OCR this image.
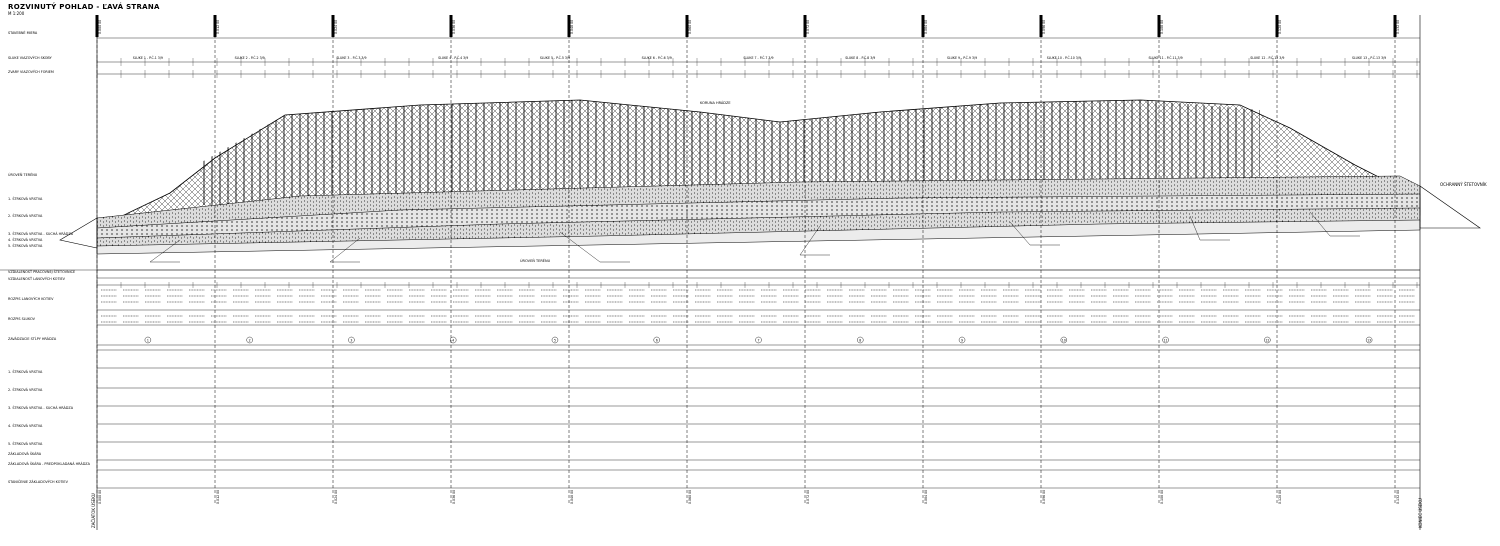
ROZVINUTÝ POHLAD - ĽAVÁ STRANA
M 1:200
SLUKE 1 - P.Č.1 3/9	SLUKE 2 - P.Č.2 3/9	SLUKE 3 - P.Č.3 3/9	SLUKE 4 - P.Č.4 3/9	SLUKE 5 - P.Č.5 3/9	SLUKE 6 - P.Č.6 3/9	SLUKE 7 - P.Č.7 3/9	SLUKE 8 - P.Č.8 3/9	SLUKE 9 - P.Č.9 3/9	SLUKE 10 - P.Č.10 3/9	SLUKE 11 - P.Č.11 3/9	SLUKE 12 - P.Č.12 3/9	SLUKE 13 - P.Č.13 3/9
STAVEBNÉ MIERA
SLUKE VIAZOVÝCH SKOBY
ZVARY VIAZOVÝCH FORIEM
ÚROVEŇ TERÉNU
1. ŠTRKOVÁ VRSTVA
2. ŠTRKOVÁ VRSTVA
3. ŠTRKOVÁ VRSTVA - SUCHÁ HRÁDZA
4. ŠTRKOVÁ VRSTVA
5. ŠTRKOVÁ VRSTVA
VZDIALENOSŤ PRACOVNEJ ŠTETOVNICE
VZDIALENOSŤ LANOVÝCH KOTIEV
ROZPIS LANOVÝCH KOTIEV
ROZPIS SLUKOV
ZAVÁDZACIE STĹPY HRÁDZA
1. ŠTRKOVÁ VRSTVA
2. ŠTRKOVÁ VRSTVA
3. ŠTRKOVÁ VRSTVA - SUCHÁ HRÁDZA
4. ŠTRKOVÁ VRSTVA
5. ŠTRKOVÁ VRSTVA
ZÁKLADOVÁ ŠKÁRA
ZÁKLADOVÁ ŠKÁRA - PREDPOKLADANÁ HRÁDZA
STANIČENIE ZÁKLADOVÝCH KOTIEV
0.000 00
0.000 00
0.012 00
0.012 00
0.024 00
0.024 00
0.036 00
0.036 00
0.048 00
0.048 00
0.060 00
0.060 00
0.072 00
0.072 00
0.084 00
0.084 00
0.096 00
0.096 00
0.108 00
0.108 00
0.120 00
0.120 00
0.132 00
0.132 00
1	2	3	4	5	6	7	8	9	10	11	12	13
ZAČIATOK ÚSEKU	KONIEC ÚSEKU
OCHRANNÝ ŠTETOVNÍK
ÚROVEŇ TERÉNU
KORUNA HRÁDZE
